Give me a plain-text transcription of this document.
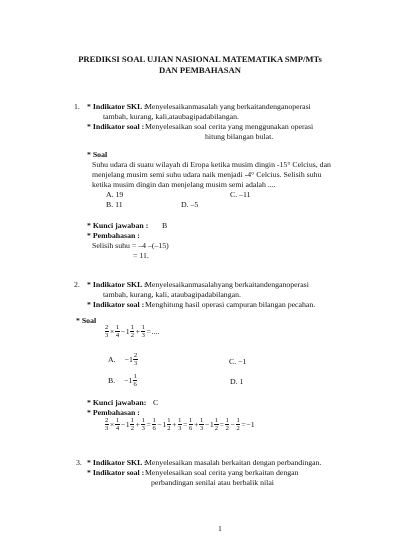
PREDIKSI SOAL UJIAN NASIONAL MATEMATIKA SMP/MTs
DAN PEMBAHASAN
1. * Indikator SKL :
Menyelesaikanmasalah yang berkaitandenganoperasi
tambah, kurang, kali,ataubagipadabilangan.
* Indikator soal : Menyelesaikan soal cerita yang menggunakan operasi
hitung bilangan bulat.
* Soal
Suhu udara di suatu wilayah di Eropa ketika musim dingin -15° Celcius, dan
menjelang musim semi suhu udara naik menjadi -4° Celcius. Selisih suhu
ketika musim dingin dan menjelang musim semi adalah ....
A. 19	C. –11
B. 11	D. –5
* Kunci jawaban : B
* Pembahasan :
Selisih suhu = –4 –(–15)
= 11.
2. * Indikator SKL :
Menyelesaikanmasalahyang berkaitandenganoperasi
tambah, kurang, kali, ataubagipadabilangan.
* Indikator soal : Menghitung hasil operasi campuran bilangan pecahan.
* Soal
$\frac{2}{3} \times \frac{1}{4} - 1 \frac{1}{2} + \frac{1}{3}$ = ....
A. $-1 \frac{2}{3}$	C. −1
B. $-1 \frac{1}{6}$	D. 1
* Kunci jawaban: C
* Pembahasan :
$\frac{2}{3} \times \frac{1}{4} - 1 \frac{1}{2} + \frac{1}{3} = \frac{1}{6} - 1 \frac{1}{2} + \frac{1}{3} = \frac{1}{6} + \frac{1}{3} - 1 \frac{1}{2} = \frac{1}{2} - \frac{1}{2} = -1$
3. * Indikator SKL :
Menyelesaikan masalah berkaitan dengan perbandingan.
* Indikator soal : Menyelesaikan soal cerita yang berkaitan dengan
perbandingan senilai atau berbalik nilai
1
